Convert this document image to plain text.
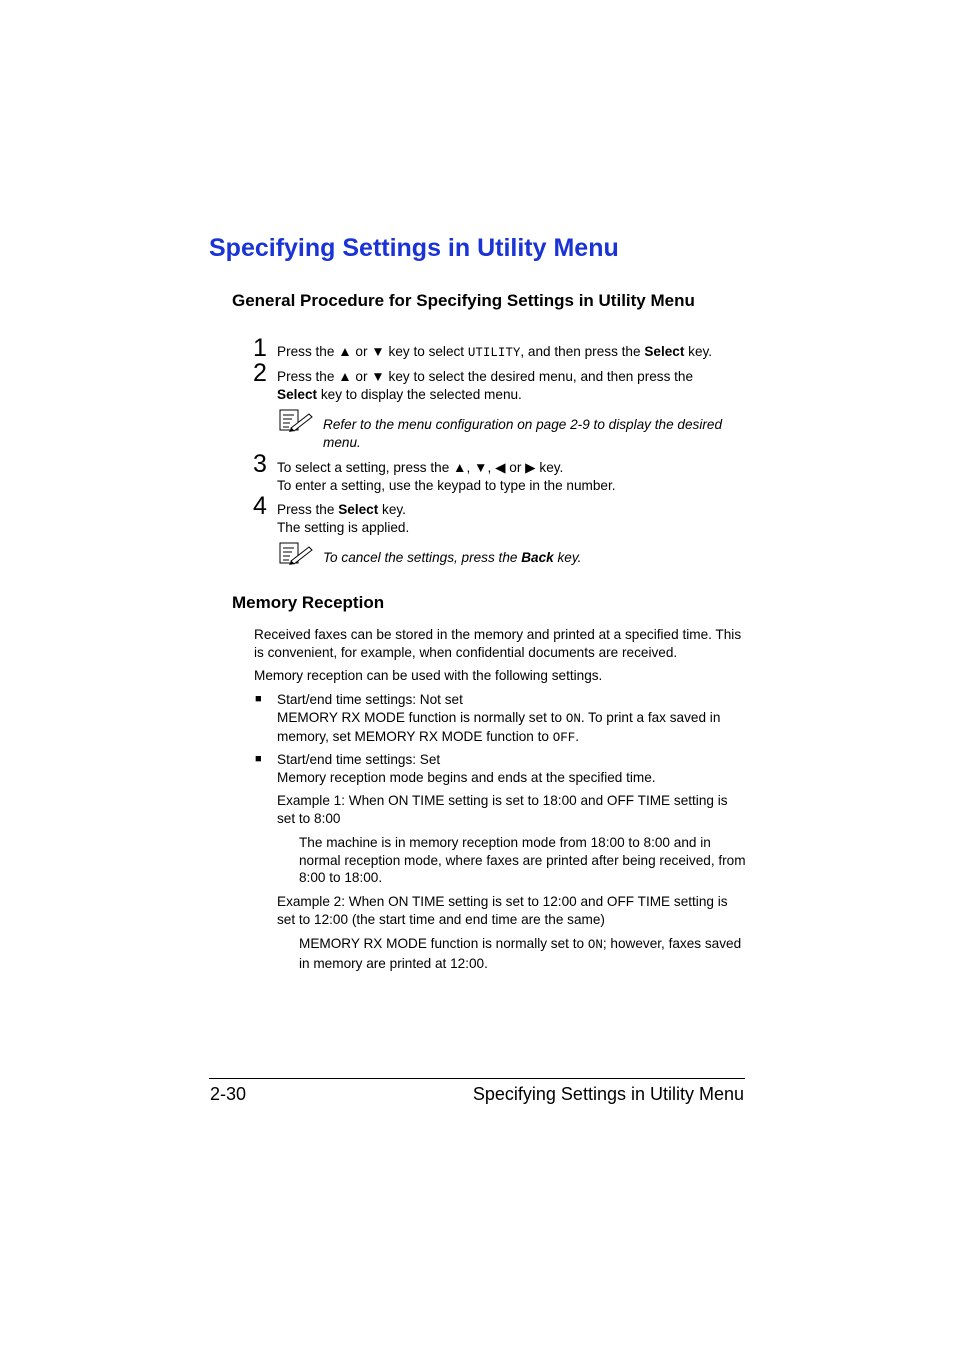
Specifying Settings in Utility Menu
General Procedure for Specifying Settings in Utility Menu
1 Press the ▲ or ▼ key to select UTILITY, and then press the Select key.
2 Press the ▲ or ▼ key to select the desired menu, and then press the
Select key to display the selected menu.
Refer to the menu configuration on page 2-9 to display the desired menu.
3 To select a setting, press the ▲, ▼, ◀ or ▶ key.
To enter a setting, use the keypad to type in the number.
4 Press the Select key.
The setting is applied.
To cancel the settings, press the Back key.
Memory Reception
Received faxes can be stored in the memory and printed at a specified time. This is convenient, for example, when confidential documents are received.
Memory reception can be used with the following settings.
■ Start/end time settings: Not set
MEMORY RX MODE function is normally set to ON. To print a fax saved in memory, set MEMORY RX MODE function to OFF.
■ Start/end time settings: Set
Memory reception mode begins and ends at the specified time.
Example 1: When ON TIME setting is set to 18:00 and OFF TIME setting is set to 8:00
The machine is in memory reception mode from 18:00 to 8:00 and in normal reception mode, where faxes are printed after being received, from 8:00 to 18:00.
Example 2: When ON TIME setting is set to 12:00 and OFF TIME setting is set to 12:00 (the start time and end time are the same)
MEMORY RX MODE function is normally set to ON; however, faxes saved in memory are printed at 12:00.
2-30	Specifying Settings in Utility Menu
